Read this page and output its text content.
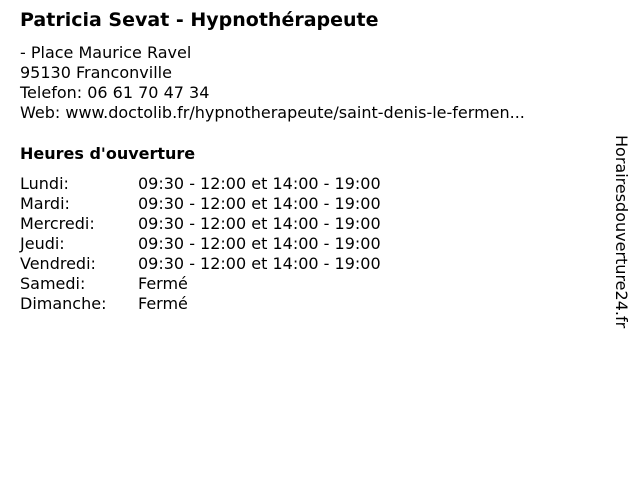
Patricia Sevat - Hypnothérapeute
- Place Maurice Ravel
95130 Franconville
Telefon: 06 61 70 47 34
Web: www.doctolib.fr/hypnotherapeute/saint-denis-le-fermen...
Heures d'ouverture
Lundi:	09:30 - 12:00 et 14:00 - 19:00
Mardi:	09:30 - 12:00 et 14:00 - 19:00
Mercredi:	09:30 - 12:00 et 14:00 - 19:00
Jeudi:	09:30 - 12:00 et 14:00 - 19:00
Vendredi:	09:30 - 12:00 et 14:00 - 19:00
Samedi:	Fermé
Dimanche:	Fermé	Horairesdouverture24.fr
